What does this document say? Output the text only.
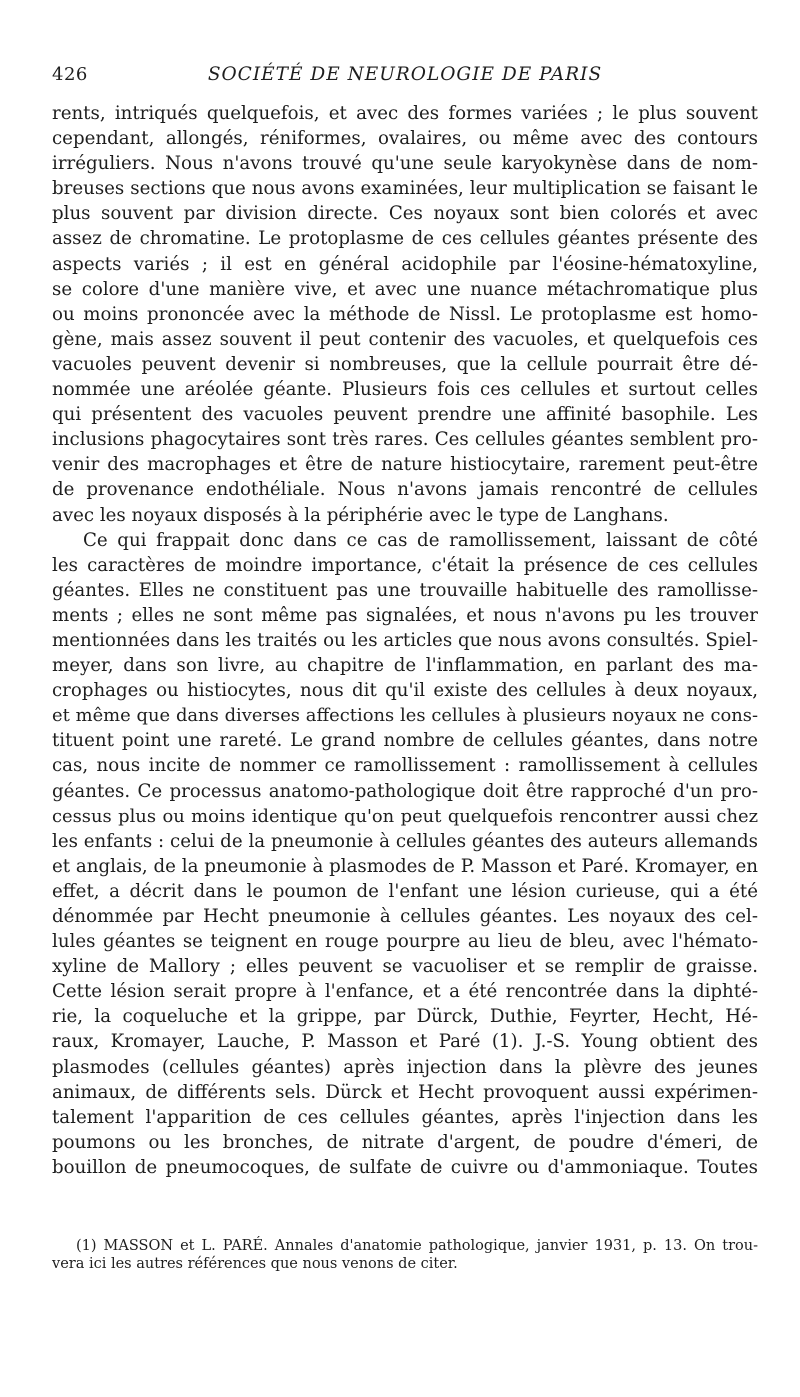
426	SOCIÉTÉ DE NEUROLOGIE DE PARIS
rents, intriqués quelquefois, et avec des formes variées ; le plus souvent
cependant, allongés, réniformes, ovalaires, ou même avec des contours
irréguliers. Nous n'avons trouvé qu'une seule karyokynèse dans de nom-
breuses sections que nous avons examinées, leur multiplication se faisant le
plus souvent par division directe. Ces noyaux sont bien colorés et avec
assez de chromatine. Le protoplasme de ces cellules géantes présente des
aspects variés ; il est en général acidophile par l'éosine-hématoxyline,
se colore d'une manière vive, et avec une nuance métachromatique plus
ou moins prononcée avec la méthode de Nissl. Le protoplasme est homo-
gène, mais assez souvent il peut contenir des vacuoles, et quelquefois ces
vacuoles peuvent devenir si nombreuses, que la cellule pourrait être dé-
nommée une aréolée géante. Plusieurs fois ces cellules et surtout celles
qui présentent des vacuoles peuvent prendre une affinité basophile. Les
inclusions phagocytaires sont très rares. Ces cellules géantes semblent pro-
venir des macrophages et être de nature histiocytaire, rarement peut-être
de provenance endothéliale. Nous n'avons jamais rencontré de cellules
avec les noyaux disposés à la périphérie avec le type de Langhans.
Ce qui frappait donc dans ce cas de ramollissement, laissant de côté
les caractères de moindre importance, c'était la présence de ces cellules
géantes. Elles ne constituent pas une trouvaille habituelle des ramollisse-
ments ; elles ne sont même pas signalées, et nous n'avons pu les trouver
mentionnées dans les traités ou les articles que nous avons consultés. Spiel-
meyer, dans son livre, au chapitre de l'inflammation, en parlant des ma-
crophages ou histiocytes, nous dit qu'il existe des cellules à deux noyaux,
et même que dans diverses affections les cellules à plusieurs noyaux ne cons-
tituent point une rareté. Le grand nombre de cellules géantes, dans notre
cas, nous incite de nommer ce ramollissement : ramollissement à cellules
géantes. Ce processus anatomo-pathologique doit être rapproché d'un pro-
cessus plus ou moins identique qu'on peut quelquefois rencontrer aussi chez
les enfants : celui de la pneumonie à cellules géantes des auteurs allemands
et anglais, de la pneumonie à plasmodes de P. Masson et Paré. Kromayer, en
effet, a décrit dans le poumon de l'enfant une lésion curieuse, qui a été
dénommée par Hecht pneumonie à cellules géantes. Les noyaux des cel-
lules géantes se teignent en rouge pourpre au lieu de bleu, avec l'hémato-
xyline de Mallory ; elles peuvent se vacuoliser et se remplir de graisse.
Cette lésion serait propre à l'enfance, et a été rencontrée dans la diphté-
rie, la coqueluche et la grippe, par Dürck, Duthie, Feyrter, Hecht, Hé-
raux, Kromayer, Lauche, P. Masson et Paré (1). J.-S. Young obtient des
plasmodes (cellules géantes) après injection dans la plèvre des jeunes
animaux, de différents sels. Dürck et Hecht provoquent aussi expérimen-
talement l'apparition de ces cellules géantes, après l'injection dans les
poumons ou les bronches, de nitrate d'argent, de poudre d'émeri, de
bouillon de pneumocoques, de sulfate de cuivre ou d'ammoniaque. Toutes
(1) MASSON et L. PARÉ. Annales d'anatomie pathologique, janvier 1931, p. 13. On trou-
vera ici les autres références que nous venons de citer.
